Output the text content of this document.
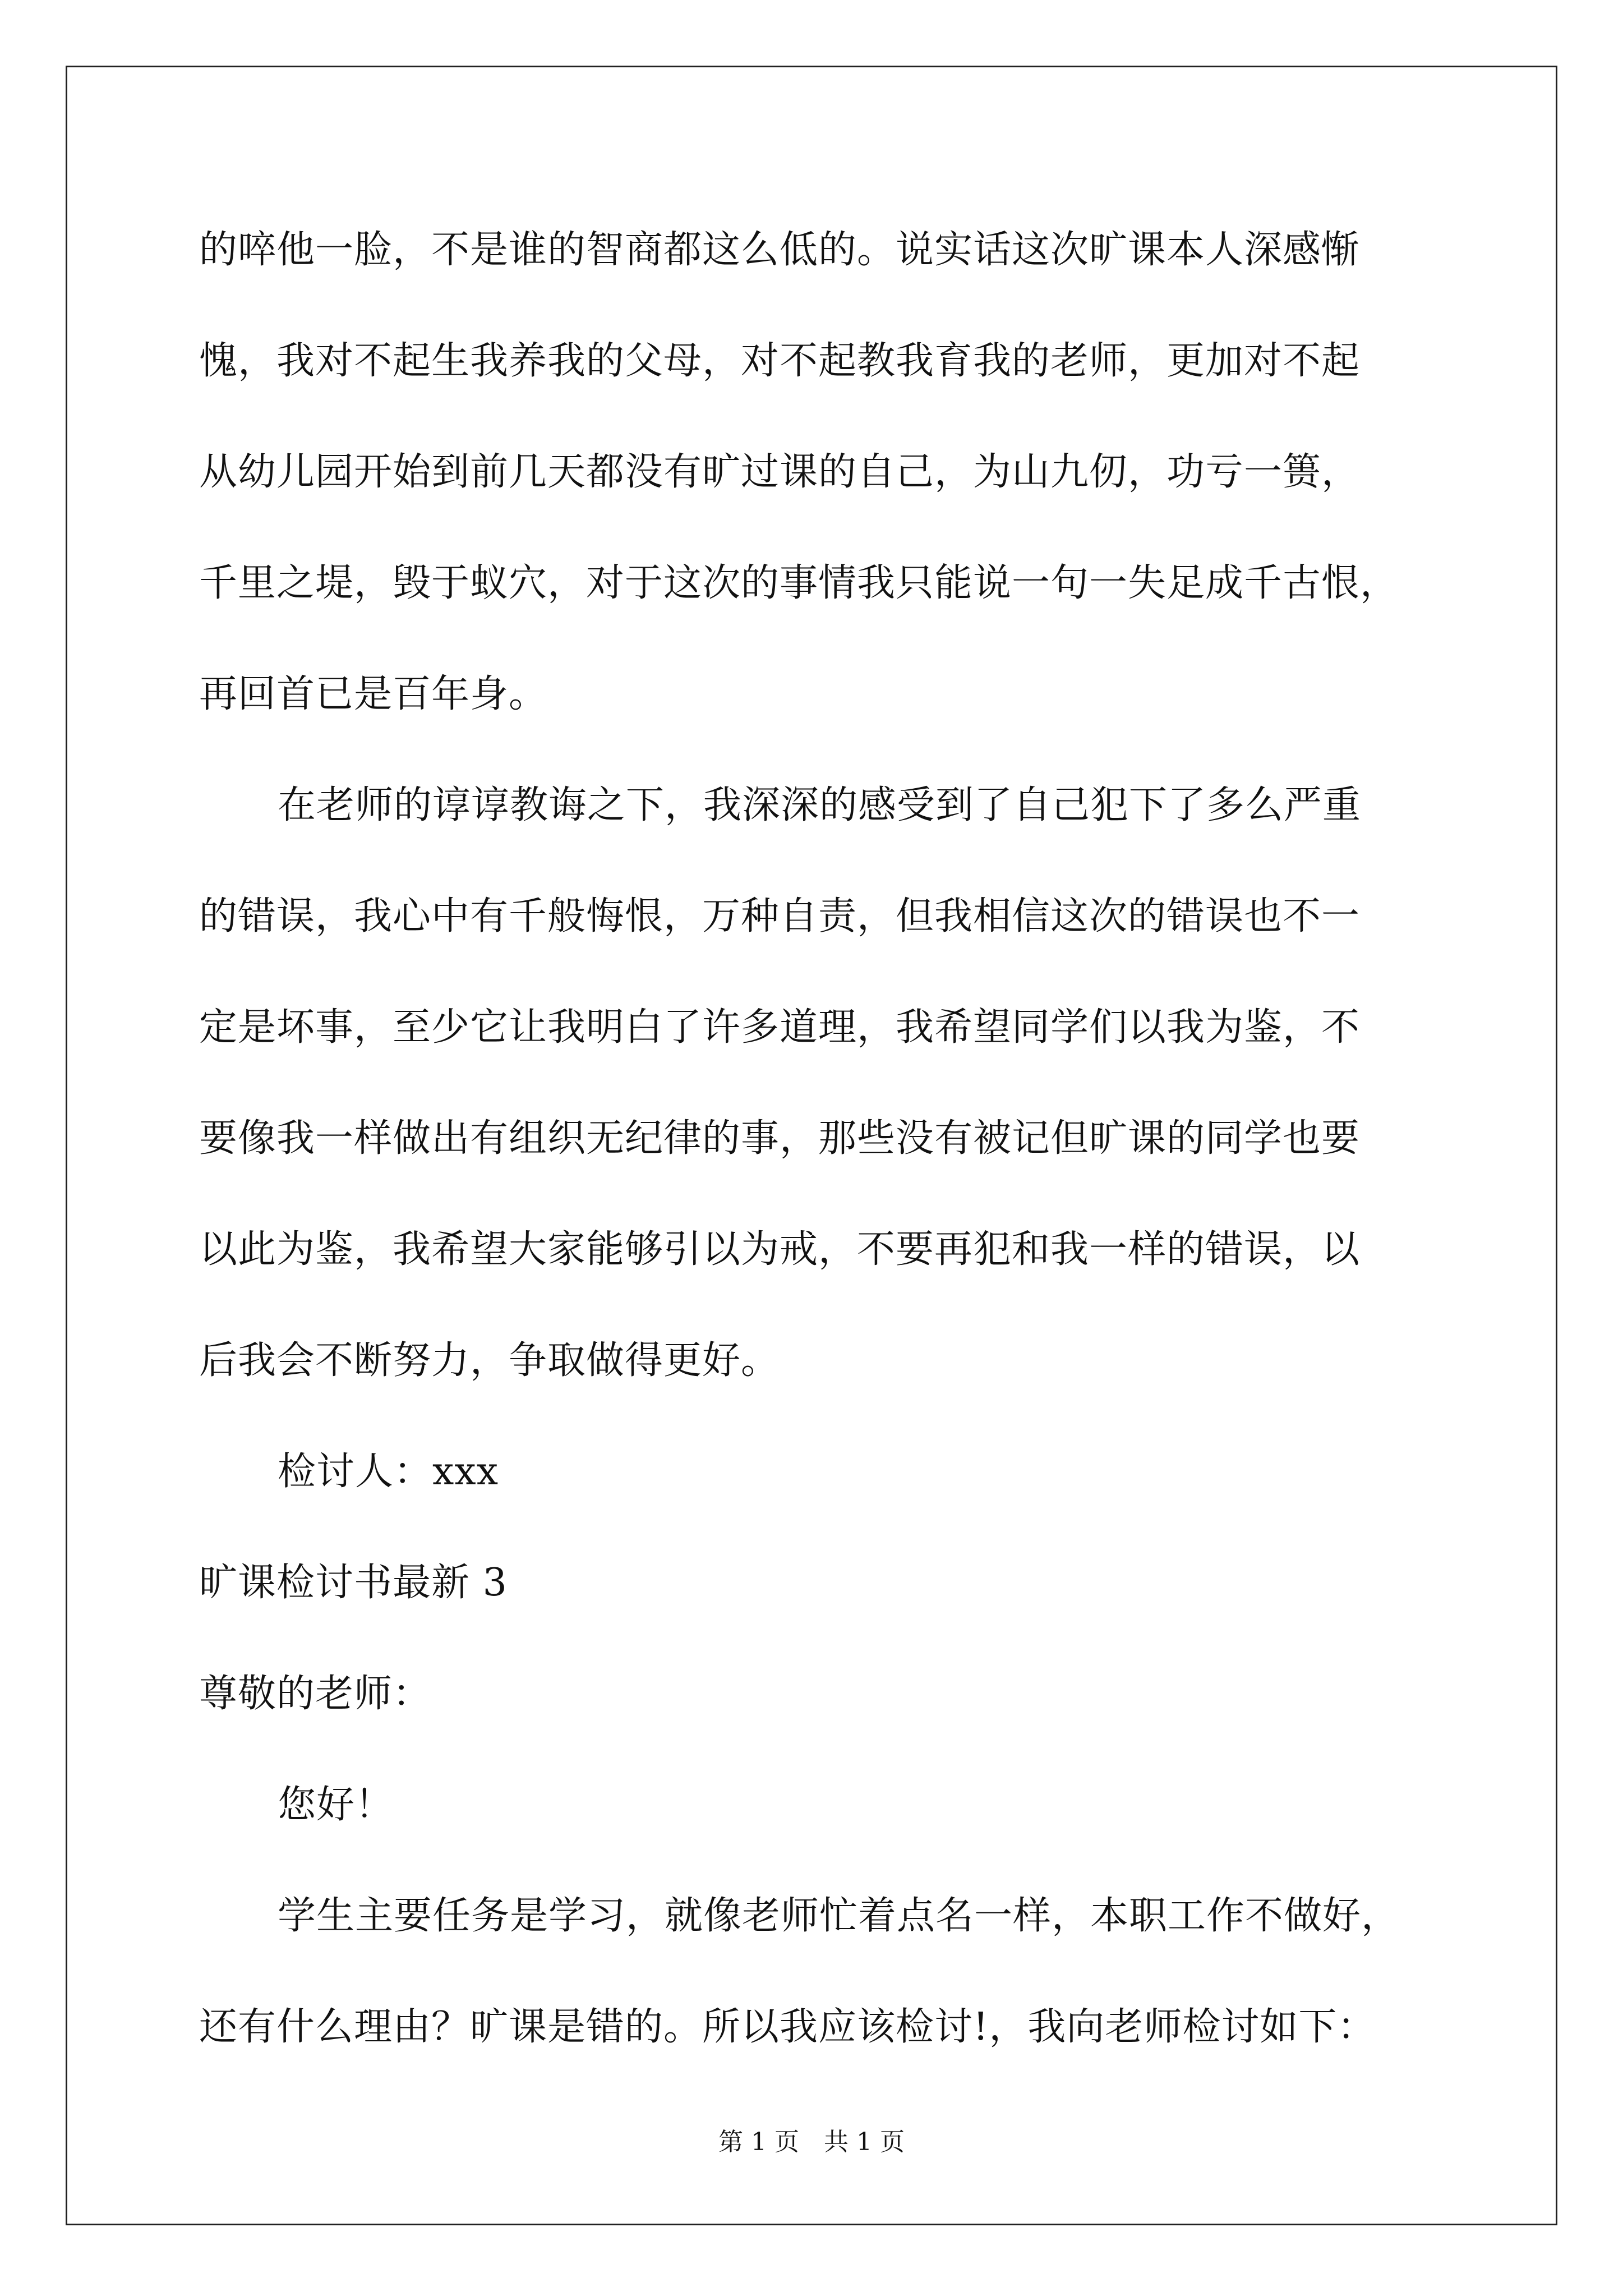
的啐他一脸，不是谁的智商都这么低的。说实话这次旷课本人深感惭
愧，我对不起生我养我的父母，对不起教我育我的老师，更加对不起
从幼儿园开始到前几天都没有旷过课的自己，为山九仞，功亏一篑，
千里之堤，毁于蚁穴，对于这次的事情我只能说一句一失足成千古恨，
再回首已是百年身。
在老师的谆谆教诲之下，我深深的感受到了自己犯下了多么严重
的错误，我心中有千般悔恨，万种自责，但我相信这次的错误也不一
定是坏事，至少它让我明白了许多道理，我希望同学们以我为鉴，不
要像我一样做出有组织无纪律的事，那些没有被记但旷课的同学也要
以此为鉴，我希望大家能够引以为戒，不要再犯和我一样的错误，以
后我会不断努力，争取做得更好。
检讨人：xxx
旷课检讨书最新 3
尊敬的老师：
您好！
学生主要任务是学习，就像老师忙着点名一样，本职工作不做好，
还有什么理由？旷课是错的。所以我应该检讨!，我向老师检讨如下：
第 1 页　共 1 页
